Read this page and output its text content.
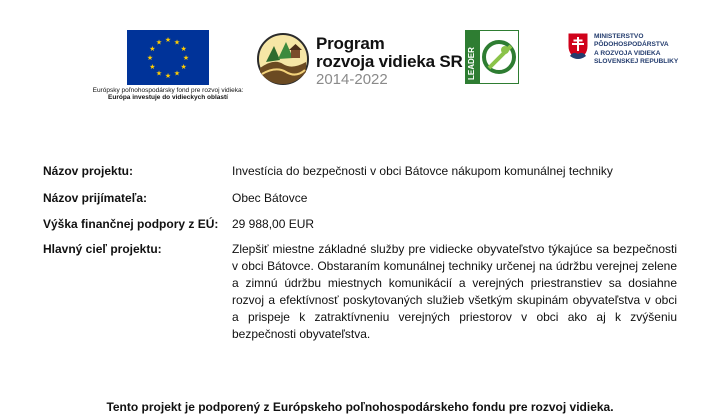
★ ★
★
★
★
★
★
★
★
★
★
★
Európsky poľnohospodársky fond pre rozvoj vidieka:
Európa investuje do vidieckych oblastí
Program
rozvoja vidieka SR
2014-2022	LEADER
MINISTERSTVO
PÔDOHOSPODÁRSTVA
A ROZVOJA VIDIEKA
SLOVENSKEJ REPUBLIKY
Názov projektu:	Investícia do bezpečnosti v obci Bátovce nákupom komunálnej techniky
Názov prijímateľa:	Obec Bátovce
Výška finančnej podpory z EÚ:	29 988,00 EUR
Hlavný cieľ projektu:	Zlepšiť miestne základné služby pre vidiecke obyvateľstvo týkajúce sa bezpečnosti v obci Bátovce. Obstaraním komunálnej techniky určenej na údržbu verejnej zelene a zimnú údržbu miestnych komunikácií a verejných priestranstiev sa dosiahne rozvoj a efektívnosť poskytovaných služieb všetkým skupinám obyvateľstva v obci a prispeje k zatraktívneniu verejných priestorov v obci ako aj k zvýšeniu bezpečnosti obyvateľstva.
Tento projekt je podporený z Európskeho poľnohospodárskeho fondu pre rozvoj vidieka.
